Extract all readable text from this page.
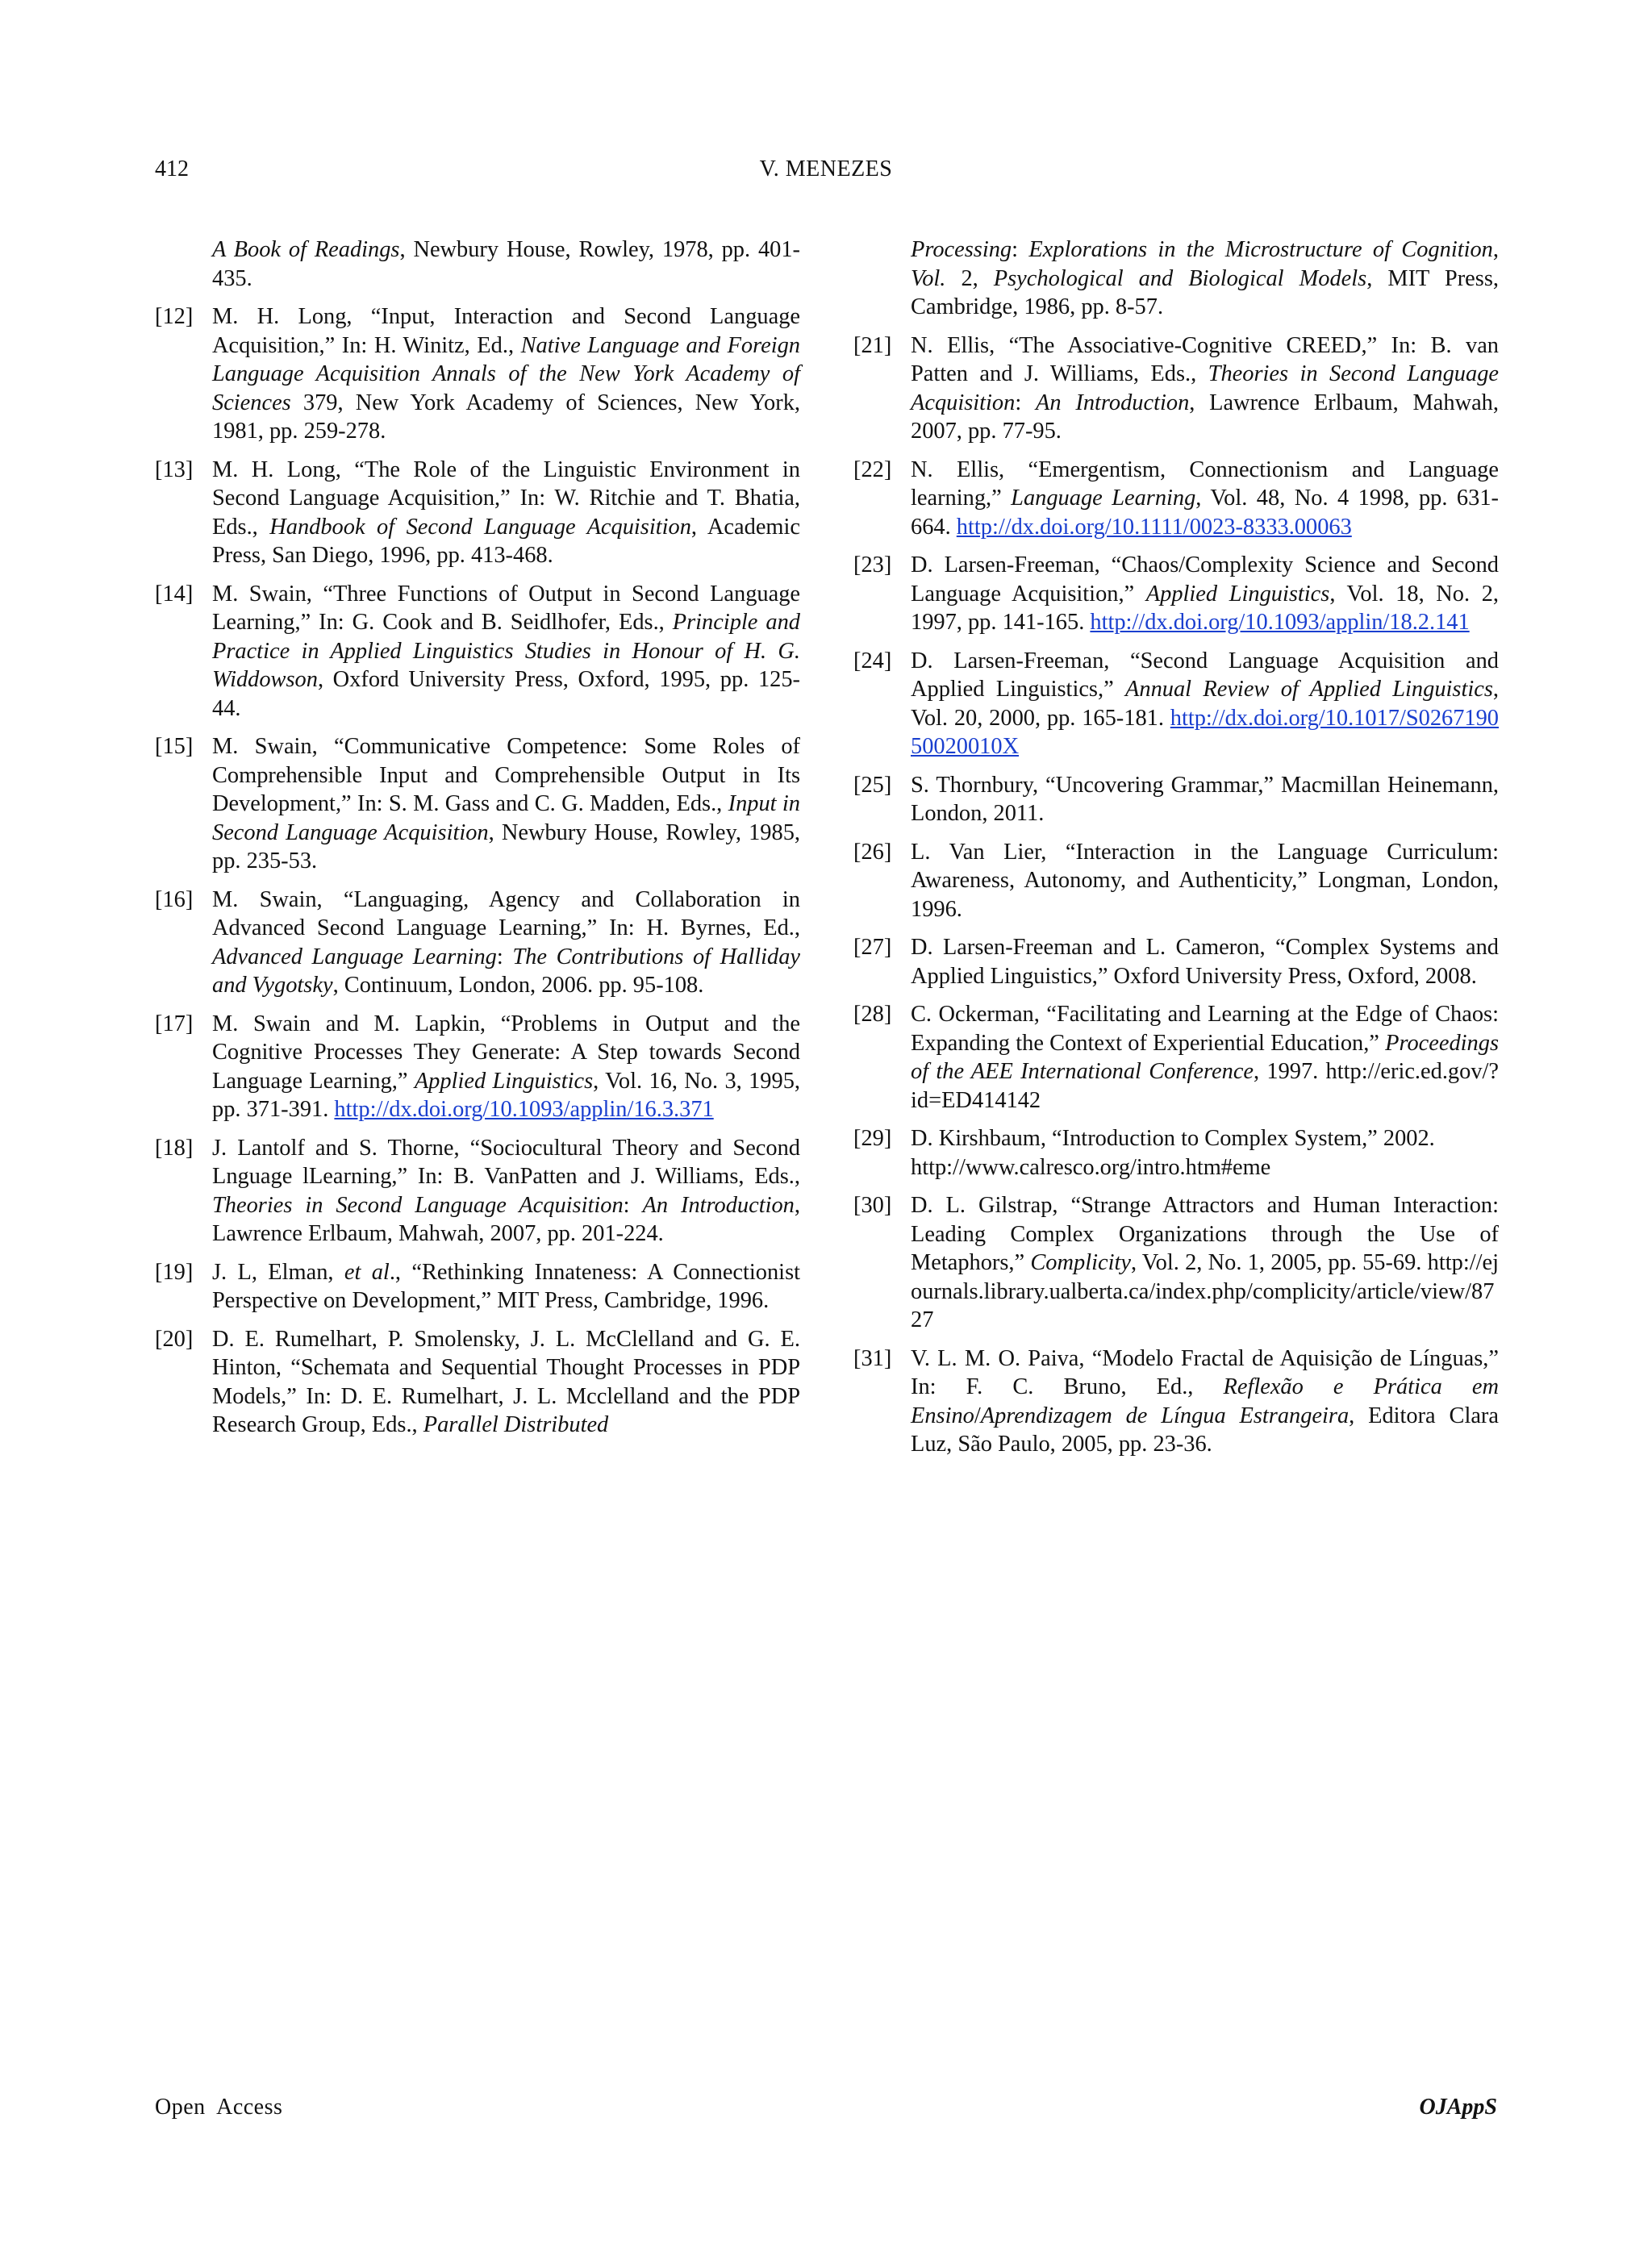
412	V. MENEZES
A Book of Readings, Newbury House, Rowley, 1978, pp. 401-435.
[12] M. H. Long, “Input, Interaction and Second Language Acquisition,” In: H. Winitz, Ed., Native Language and Foreign Language Acquisition Annals of the New York Academy of Sciences 379, New York Academy of Sciences, New York, 1981, pp. 259-278.
[13] M. H. Long, “The Role of the Linguistic Environment in Second Language Acquisition,” In: W. Ritchie and T. Bhatia, Eds., Handbook of Second Language Acquisition, Academic Press, San Diego, 1996, pp. 413-468.
[14] M. Swain, “Three Functions of Output in Second Language Learning,” In: G. Cook and B. Seidlhofer, Eds., Principle and Practice in Applied Linguistics Studies in Honour of H. G. Widdowson, Oxford University Press, Oxford, 1995, pp. 125-44.
[15] M. Swain, “Communicative Competence: Some Roles of Comprehensible Input and Comprehensible Output in Its Development,” In: S. M. Gass and C. G. Madden, Eds., Input in Second Language Acquisition, Newbury House, Rowley, 1985, pp. 235-53.
[16] M. Swain, “Languaging, Agency and Collaboration in Advanced Second Language Learning,” In: H. Byrnes, Ed., Advanced Language Learning: The Contributions of Halliday and Vygotsky, Continuum, London, 2006. pp. 95-108.
[17] M. Swain and M. Lapkin, “Problems in Output and the Cognitive Processes They Generate: A Step towards Second Language Learning,” Applied Linguistics, Vol. 16, No. 3, 1995, pp. 371-391. http://dx.doi.org/10.1093/applin/16.3.371
[18] J. Lantolf and S. Thorne, “Sociocultural Theory and Second Lnguage lLearning,” In: B. VanPatten and J. Williams, Eds., Theories in Second Language Acquisition: An Introduction, Lawrence Erlbaum, Mahwah, 2007, pp. 201-224.
[19] J. L, Elman, et al., “Rethinking Innateness: A Connectionist Perspective on Development,” MIT Press, Cambridge, 1996.
[20] D. E. Rumelhart, P. Smolensky, J. L. McClelland and G. E. Hinton, “Schemata and Sequential Thought Processes in PDP Models,” In: D. E. Rumelhart, J. L. Mcclelland and the PDP Research Group, Eds., Parallel Distributed
Processing: Explorations in the Microstructure of Cognition, Vol. 2, Psychological and Biological Models, MIT Press, Cambridge, 1986, pp. 8-57.
[21] N. Ellis, “The Associative-Cognitive CREED,” In: B. van Patten and J. Williams, Eds., Theories in Second Language Acquisition: An Introduction, Lawrence Erlbaum, Mahwah, 2007, pp. 77-95.
[22] N. Ellis, “Emergentism, Connectionism and Language learning,” Language Learning, Vol. 48, No. 4 1998, pp. 631-664. http://dx.doi.org/10.1111/0023-8333.00063
[23] D. Larsen-Freeman, “Chaos/Complexity Science and Second Language Acquisition,” Applied Linguistics, Vol. 18, No. 2, 1997, pp. 141-165. http://dx.doi.org/10.1093/applin/18.2.141
[24] D. Larsen-Freeman, “Second Language Acquisition and Applied Linguistics,” Annual Review of Applied Linguistics, Vol. 20, 2000, pp. 165-181. http://dx.doi.org/10.1017/S026719050020010X
[25] S. Thornbury, “Uncovering Grammar,” Macmillan Heinemann, London, 2011.
[26] L. Van Lier, “Interaction in the Language Curriculum: Awareness, Autonomy, and Authenticity,” Longman, London, 1996.
[27] D. Larsen-Freeman and L. Cameron, “Complex Systems and Applied Linguistics,” Oxford University Press, Oxford, 2008.
[28] C. Ockerman, “Facilitating and Learning at the Edge of Chaos: Expanding the Context of Experiential Education,” Proceedings of the AEE International Conference, 1997. http://eric.ed.gov/?id=ED414142
[29] D. Kirshbaum, “Introduction to Complex System,” 2002. http://www.calresco.org/intro.htm#eme
[30] D. L. Gilstrap, “Strange Attractors and Human Interaction: Leading Complex Organizations through the Use of Metaphors,” Complicity, Vol. 2, No. 1, 2005, pp. 55-69. http://ejournals.library.ualberta.ca/index.php/complicity/article/view/8727
[31] V. L. M. O. Paiva, “Modelo Fractal de Aquisição de Línguas,” In: F. C. Bruno, Ed., Reflexão e Prática em Ensino/Aprendizagem de Língua Estrangeira, Editora Clara Luz, São Paulo, 2005, pp. 23-36.
Open  Access	OJAppS
